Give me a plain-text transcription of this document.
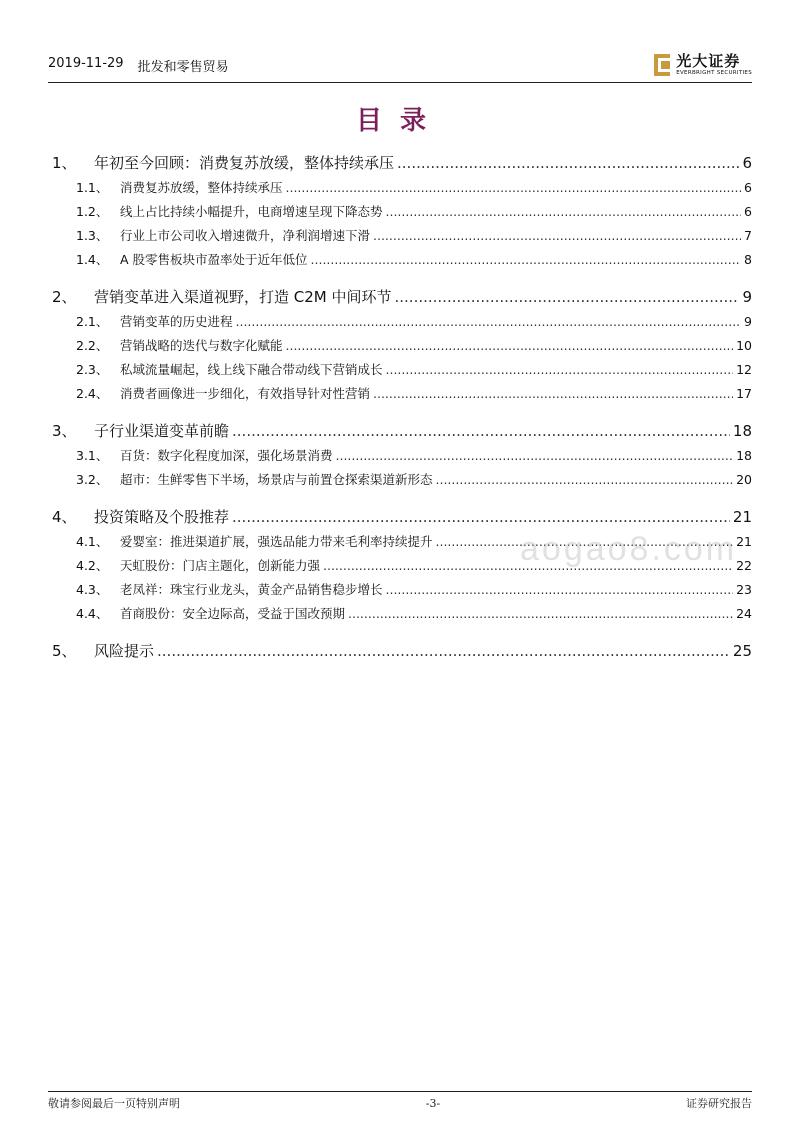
2019-11-29 批发和零售贸易	光大证券
EVERBRIGHT SECURITIES
目录
1、	年初至今回顾：消费复苏放缓，整体持续承压 .....	6
1.1、 消费复苏放缓，整体持续承压 .....	6
1.2、 线上占比持续小幅提升，电商增速呈现下降态势 .....	6
1.3、 行业上市公司收入增速微升，净利润增速下滑 .....	7
1.4、 A 股零售板块市盈率处于近年低位 .....	8
2、	营销变革进入渠道视野，打造 C2M 中间环节 .....	9
2.1、 营销变革的历史进程 .....	9
2.2、 营销战略的迭代与数字化赋能 .....	10
2.3、 私域流量崛起，线上线下融合带动线下营销成长 .....	12
2.4、 消费者画像进一步细化，有效指导针对性营销 .....	17
3、	子行业渠道变革前瞻 .....	18
3.1、 百货：数字化程度加深，强化场景消费 .....	18
3.2、 超市：生鲜零售下半场，场景店与前置仓探索渠道新形态 .....	20
4、	投资策略及个股推荐 .....	21
4.1、 爱婴室：推进渠道扩展，强选品能力带来毛利率持续提升 .....	21
4.2、 天虹股份：门店主题化，创新能力强 .....	22
4.3、 老凤祥：珠宝行业龙头，黄金产品销售稳步增长 .....	23
4.4、 首商股份：安全边际高，受益于国改预期 .....	24
5、	风险提示 .....	25
aogao8.com
敬请参阅最后一页特别声明	-3-	证券研究报告
